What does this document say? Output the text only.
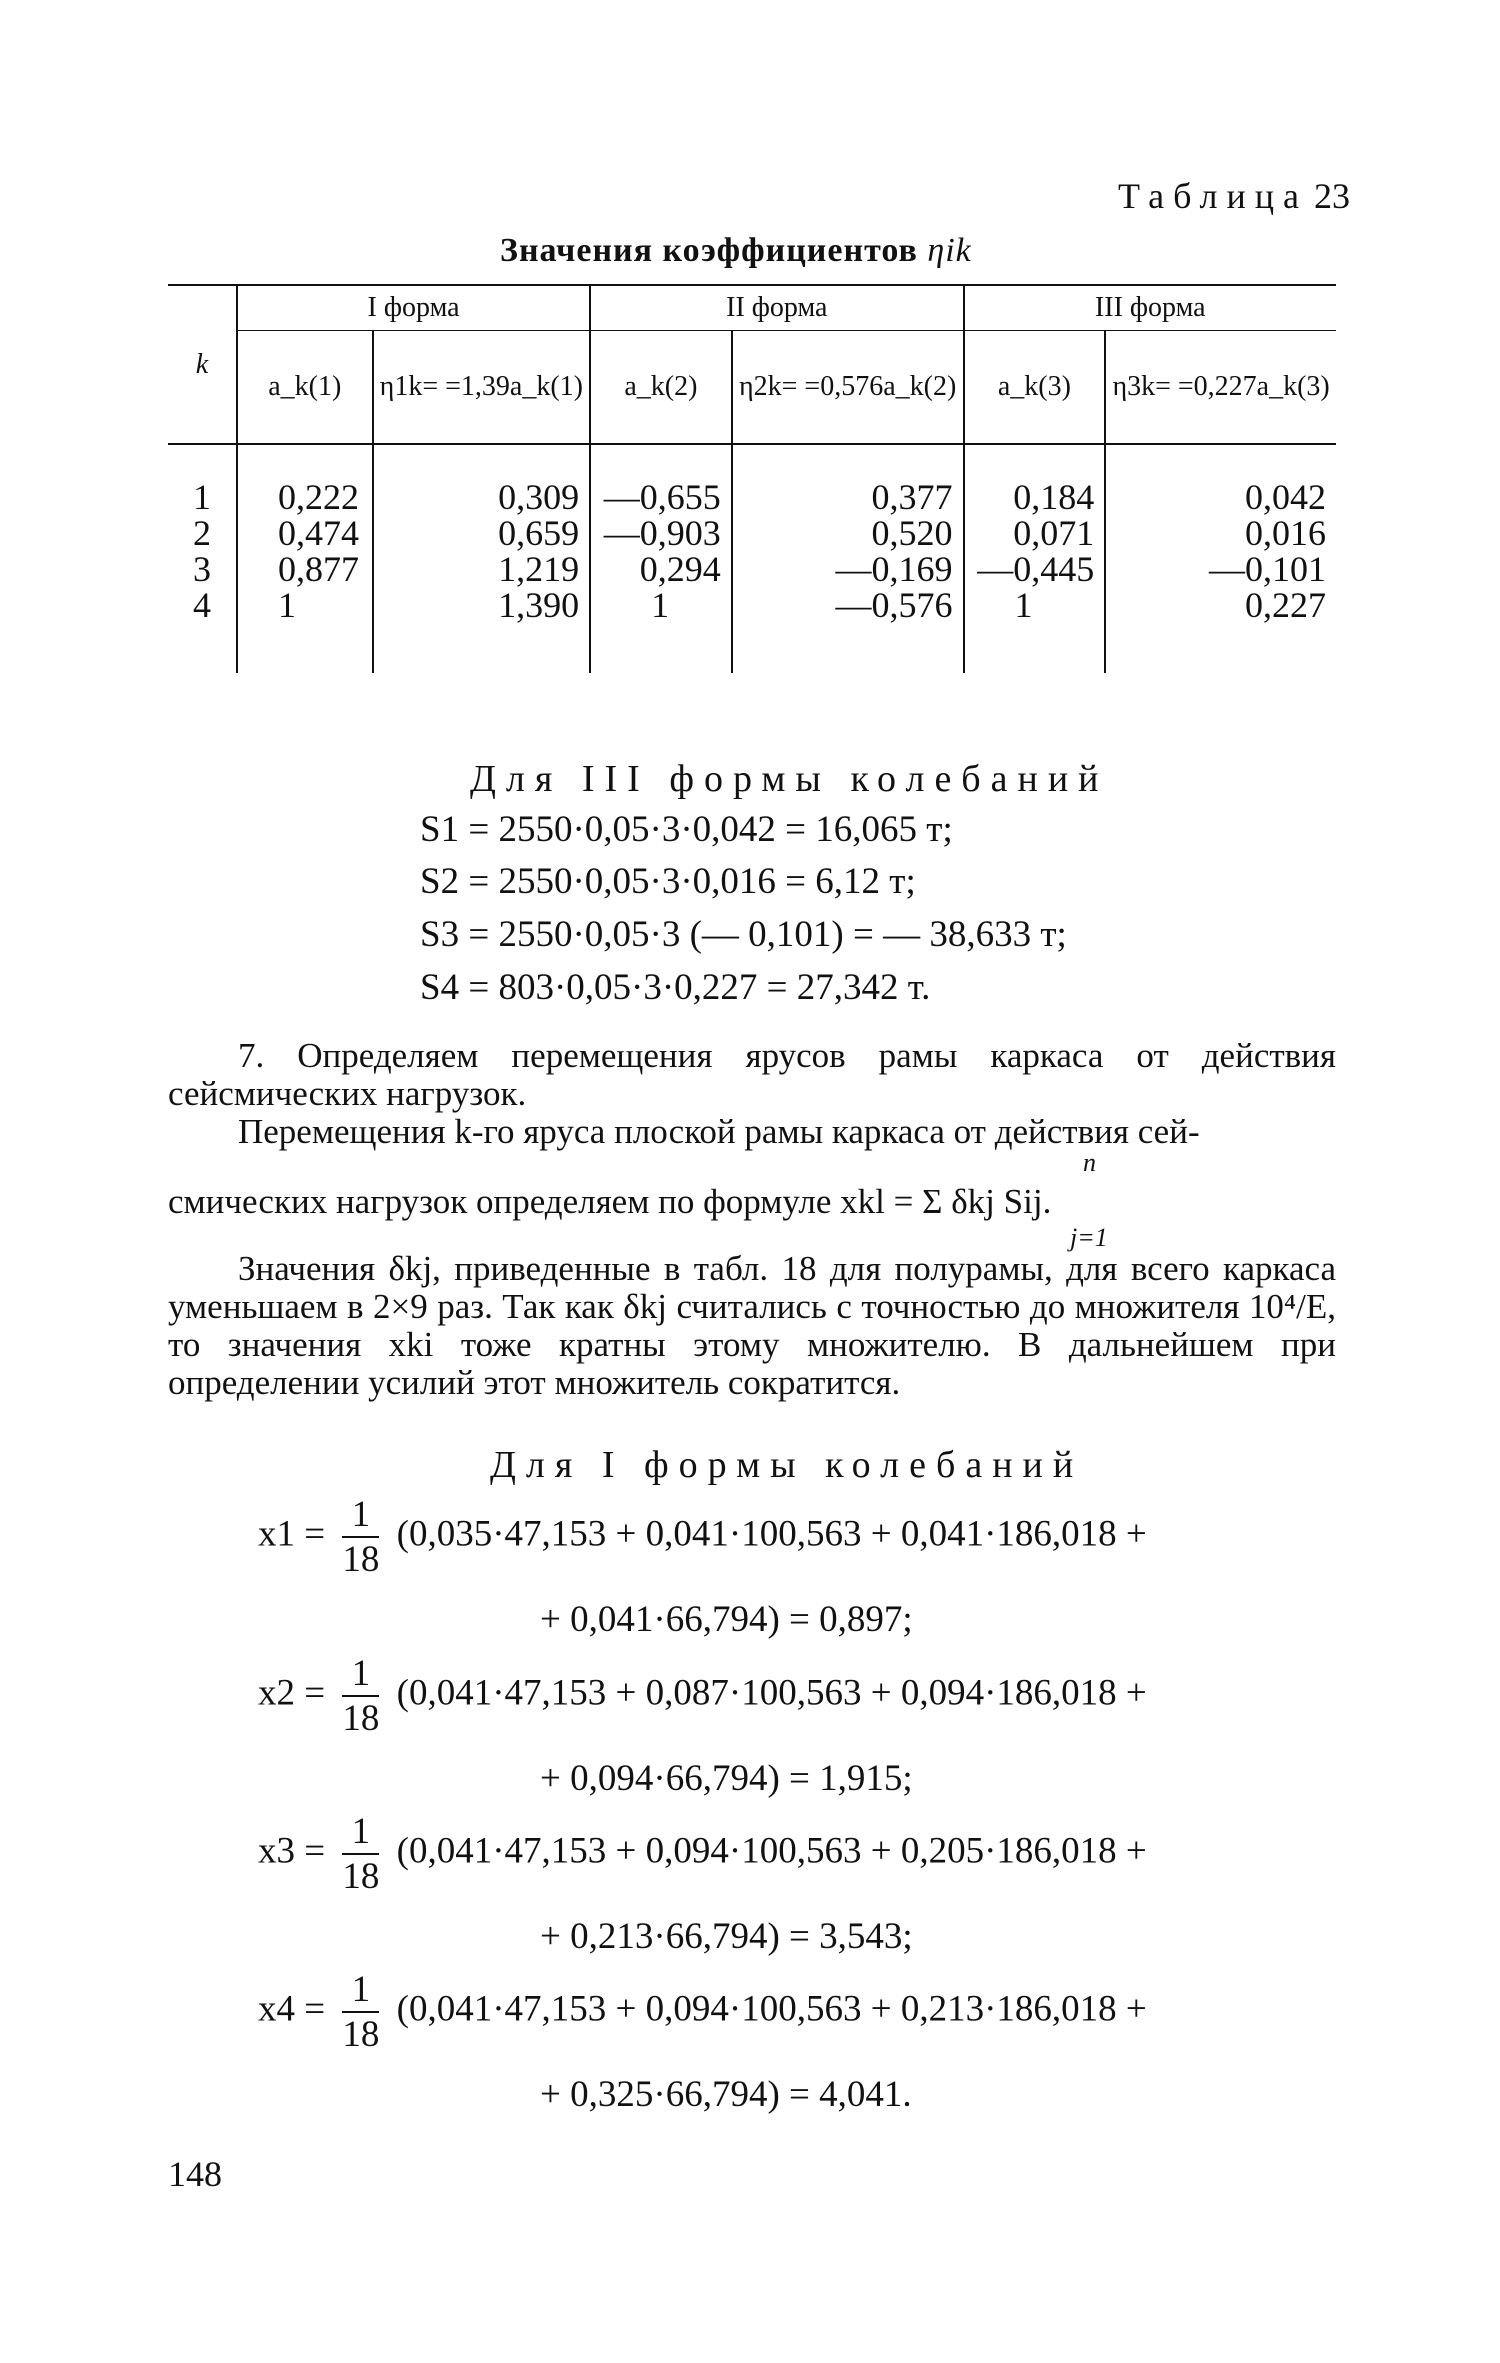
Таблица 23
Значения коэффициентов ηik
k	I форма		II форма		III форма	
	a_k(1)	η1k= =1,39a_k(1)	a_k(2)	η2k= =0,576a_k(2)	a_k(3)	η3k= =0,227a_k(3)

1	0,222	0,309	—0,655	0,377	0,184	0,042
2	0,474	0,659	—0,903	0,520	0,071	0,016
3	0,877	1,219	0,294	—0,169	—0,445	—0,101
4	1	1,390	1	—0,576	1	0,227

Для III формы колебаний
S1 = 2550·0,05·3·0,042 = 16,065 т;
S2 = 2550·0,05·3·0,016 = 6,12 т;
S3 = 2550·0,05·3 (— 0,101) = — 38,633 т;
S4 = 803·0,05·3·0,227 = 27,342 т.
7. Определяем перемещения ярусов рамы каркаса от действия сейсмических нагрузок.
Перемещения k-го яруса плоской рамы каркаса от действия сей-
n
смических нагрузок определяем по формуле xkl = Σ δkj Sij.
j=1
Значения δkj, приведенные в табл. 18 для полурамы, для всего каркаса уменьшаем в 2×9 раз. Так как δkj считались с точностью до множителя 10⁴/E, то значения xki тоже кратны этому множителю. В дальнейшем при определении усилий этот множитель сократится.
Для I формы колебаний
$x1 = \frac{1}{18} (0,035\cdot 47,153 + 0,041\cdot 100,563 + 0,041\cdot 186,018$ +
+ 0,041·66,794) = 0,897;
$x2 = \frac{1}{18} (0,041\cdot 47,153 + 0,087\cdot 100,563 + 0,094\cdot 186,018$ +
+ 0,094·66,794) = 1,915;
$x3 = \frac{1}{18} (0,041\cdot 47,153 + 0,094\cdot 100,563 + 0,205\cdot 186,018$ +
+ 0,213·66,794) = 3,543;
$x4 = \frac{1}{18} (0,041\cdot 47,153 + 0,094\cdot 100,563 + 0,213\cdot 186,018$ +
+ 0,325·66,794) = 4,041.
148
